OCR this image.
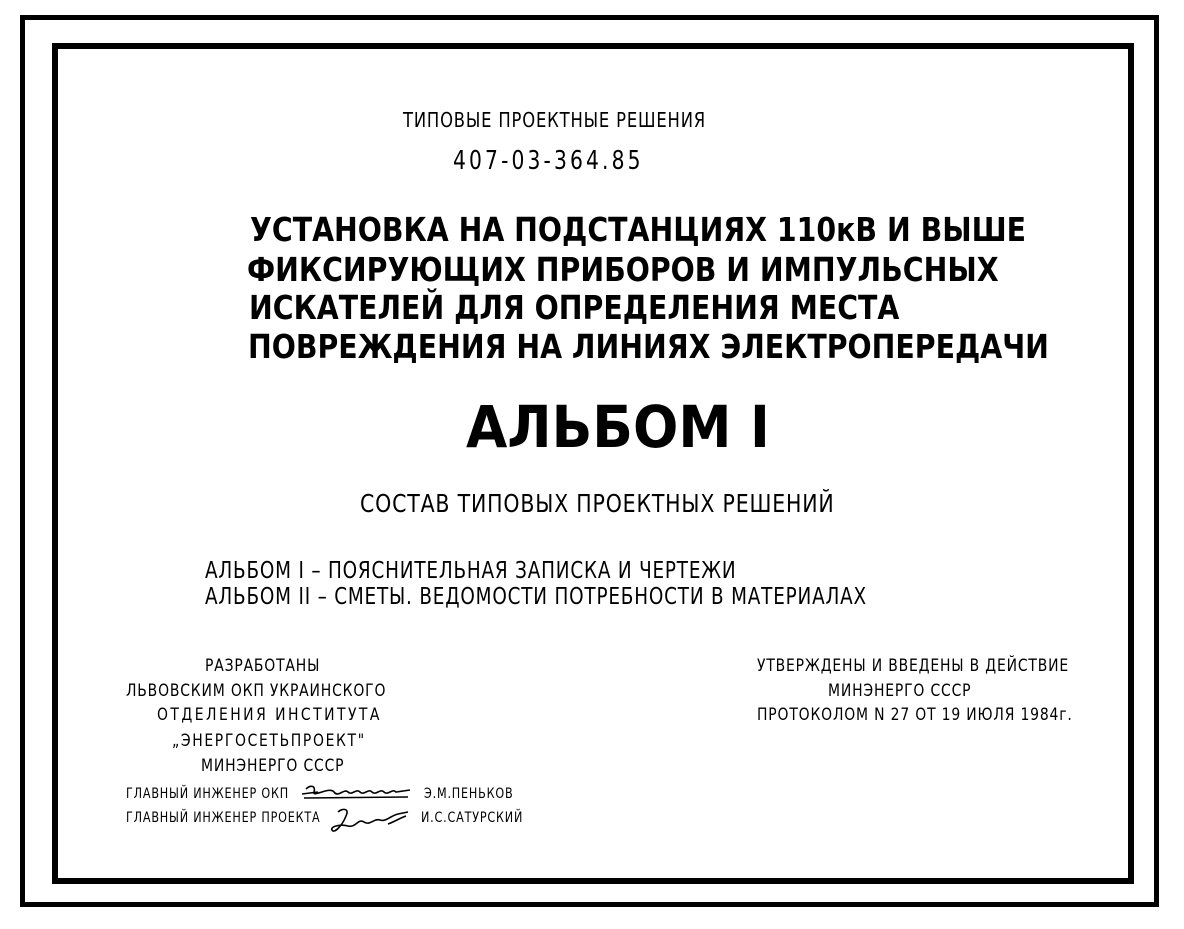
ТИПОВЫЕ ПРОЕКТНЫЕ РЕШЕНИЯ
407-03-364.85
УСТАНОВКА НА ПОДСТАНЦИЯХ 110кВ И ВЫШЕ
ФИКСИРУЮЩИХ ПРИБОРОВ И ИМПУЛЬСНЫХ
ИСКАТЕЛЕЙ ДЛЯ ОПРЕДЕЛЕНИЯ МЕСТА
ПОВРЕЖДЕНИЯ НА ЛИНИЯХ ЭЛЕКТРОПЕРЕДАЧИ
АЛЬБОМ I
СОСТАВ ТИПОВЫХ ПРОЕКТНЫХ РЕШЕНИЙ
АЛЬБОМ I – ПОЯСНИТЕЛЬНАЯ ЗАПИСКА И ЧЕРТЕЖИ
АЛЬБОМ II – СМЕТЫ. ВЕДОМОСТИ ПОТРЕБНОСТИ В МАТЕРИАЛАХ
РАЗРАБОТАНЫ
ЛЬВОВСКИМ ОКП УКРАИНСКОГО
ОТДЕЛЕНИЯ ИНСТИТУТА
„ЭНЕРГОСЕТЬПРОЕКТ"
МИНЭНЕРГО СССР
УТВЕРЖДЕНЫ И ВВЕДЕНЫ В ДЕЙСТВИЕ
МИНЭНЕРГО СССР
ПРОТОКОЛОМ N 27 ОТ 19 ИЮЛЯ 1984г.
ГЛАВНЫЙ ИНЖЕНЕР ОКП	Э.М.ПЕНЬКОВ
ГЛАВНЫЙ ИНЖЕНЕР ПРОЕКТА	И.С.САТУРСКИЙ
